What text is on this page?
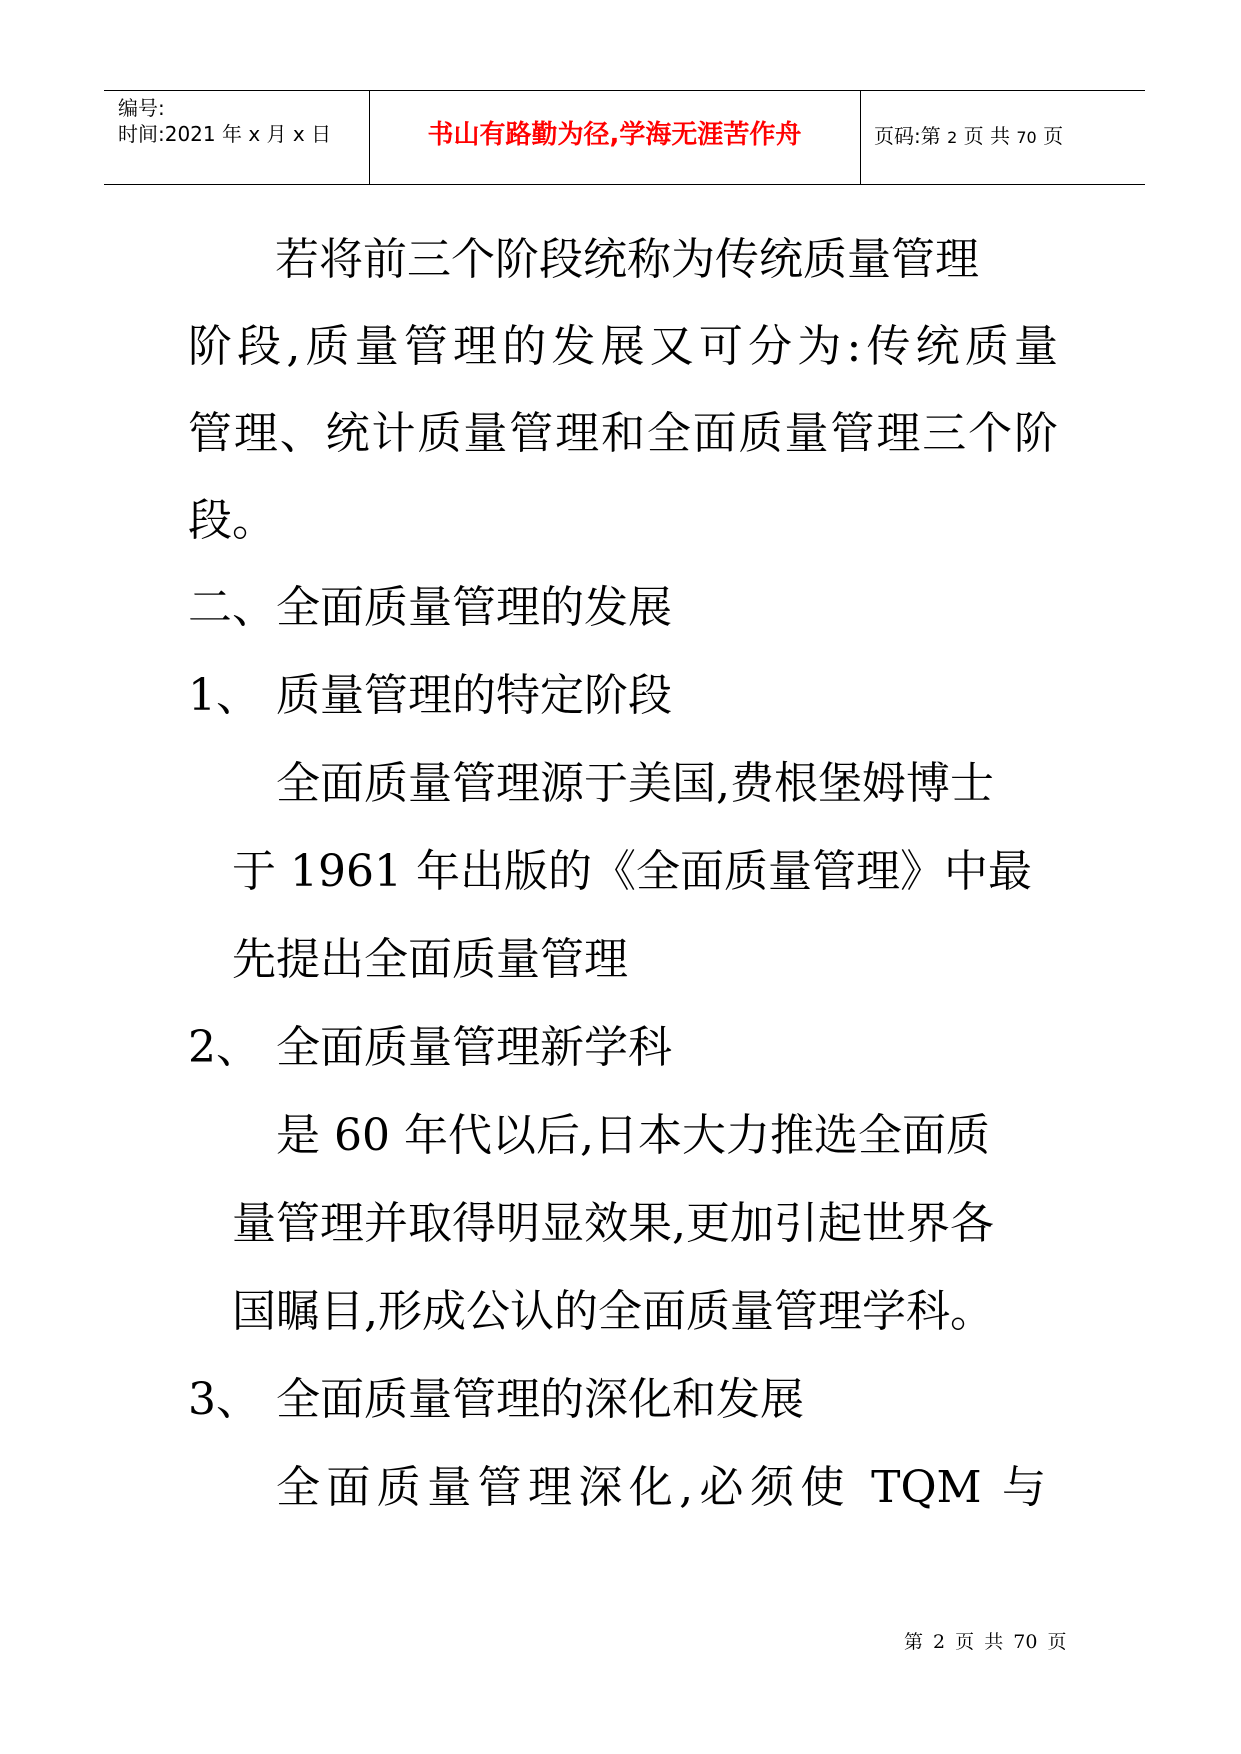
编号:
时间:2021 年 x 月 x 日	书山有路勤为径,学海无涯苦作舟	页码:第 2 页 共 70 页
若将前三个阶段统称为传统质量管理
阶段,质量管理的发展又可分为:传统质量
管理、统计质量管理和全面质量管理三个阶
段。
二、全面质量管理的发展
1、 质量管理的特定阶段
全面质量管理源于美国,费根堡姆博士
于 1961 年出版的《全面质量管理》中最
先提出全面质量管理
2、 全面质量管理新学科
是 60 年代以后,日本大力推选全面质
量管理并取得明显效果,更加引起世界各
国瞩目,形成公认的全面质量管理学科。
3、 全面质量管理的深化和发展
全面质量管理深化,必须使 TQM 与
第 2 页 共 70 页
